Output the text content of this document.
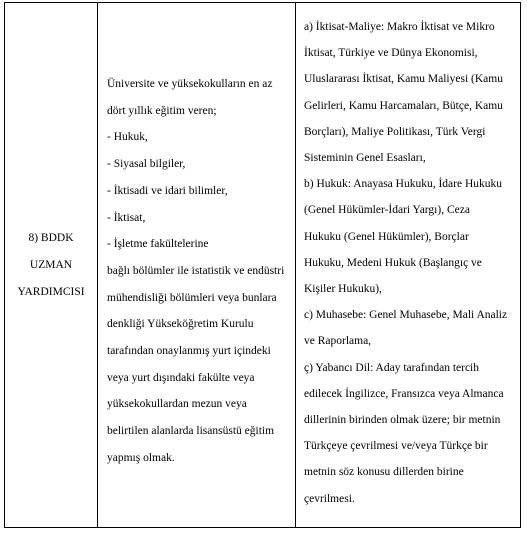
8) BDDK
UZMAN
YARDIMCISI
Üniversite ve yüksekokulların en az
dört yıllık eğitim veren;
- Hukuk,
- Siyasal bilgiler,
- İktisadi ve idari bilimler,
- İktisat,
- İşletme fakültelerine
bağlı bölümler ile istatistik ve endüstri
mühendisliği bölümleri veya bunlara
denkliği Yükseköğretim Kurulu
tarafından onaylanmış yurt içindeki
veya yurt dışındaki fakülte veya
yüksekokullardan mezun veya
belirtilen alanlarda lisansüstü eğitim
yapmış olmak.
a) İktisat-Maliye: Makro İktisat ve Mikro
İktisat, Türkiye ve Dünya Ekonomisi,
Uluslararası İktisat, Kamu Maliyesi (Kamu
Gelirleri, Kamu Harcamaları, Bütçe, Kamu
Borçları), Maliye Politikası, Türk Vergi
Sisteminin Genel Esasları,
b) Hukuk: Anayasa Hukuku, İdare Hukuku
(Genel Hükümler-İdari Yargı), Ceza
Hukuku (Genel Hükümler), Borçlar
Hukuku, Medeni Hukuk (Başlangıç ve
Kişiler Hukuku),
c) Muhasebe: Genel Muhasebe, Mali Analiz
ve Raporlama,
ç) Yabancı Dil: Aday tarafından tercih
edilecek İngilizce, Fransızca veya Almanca
dillerinin birinden olmak üzere; bir metnin
Türkçeye çevrilmesi ve/veya Türkçe bir
metnin söz konusu dillerden birine
çevrilmesi.
